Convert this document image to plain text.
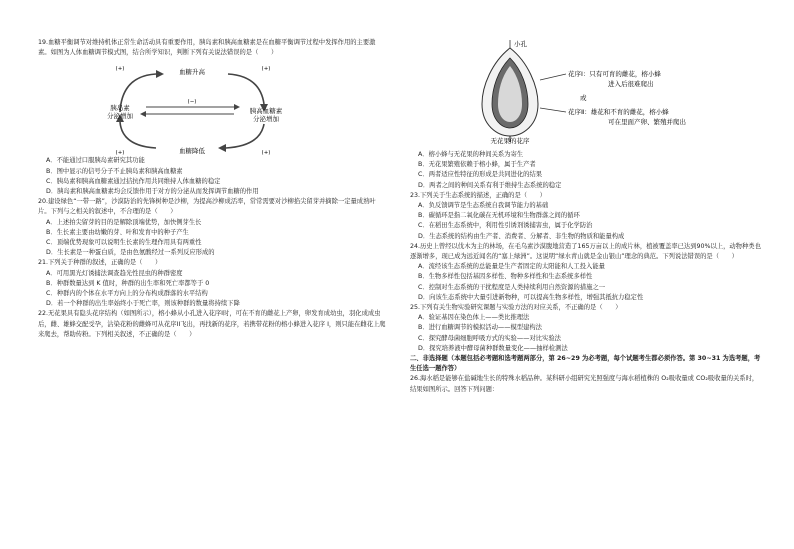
19.血糖平衡调节对维持机体正常生命活动具有重要作用，胰岛素和胰高血糖素是在血糖平衡调节过程中发挥作用的主要激素。如图为人体血糖调节模式图，结合所学知识，判断下列有关说法错误的是（　　）

血糖升高
血糖降低
胰岛素
分泌增加
胰高血糖素
分泌增加
(+)	(+)
(+)
(+)
(−)

A．不能通过口服胰岛素研究其功能

B．图中显示的信号分子不止胰岛素和胰高血糖素

C．胰岛素和胰高血糖素通过拮抗作用共同维持人体血糖的稳定

D．胰岛素和胰高血糖素均会反馈作用于对方的分泌从而发挥调节血糖的作用

20.建设绿色“一带一路”，沙漠防治的先锋树种是沙柳，为提高沙柳成活率，常常需要对沙柳掐尖留芽并摘除一定量成熟叶片。下列与之相关的叙述中，不合理的是（　　）

A．上述拍尖留芽的目的是解除顶端优势，加快侧芽生长

B．生长素主要由幼嫩的芽、叶和发育中的种子产生

C．顶端优势现象可以说明生长素的生理作用具有两重性

D．生长素是一种蛋白质，是由色氨酸经过一系列反应形成的

21.下列关于种群的叙述，正确的是（　　）

A．可用黑光灯诱捕法调查趋光性昆虫的种群密度

B．种群数量达到 K 值时，种群的出生率和死亡率都等于 0

C．种群内的个体在水平方向上的分布构成群落的水平结构

D．若一个种群的出生率始终小于死亡率，则该种群的数量将持续下降

22.无花果具有隐头花序结构（如图所示），榕小蜂从小孔进入花序I时，可在不育的雌花上产卵，卵发育成幼虫，羽化成成虫后，雌、雄蜂交配受孕，沾染花粉的雌蜂可从花序II飞出，再找新的花序，若携带花粉的榕小蜂进入花序 I，则只能在雌花上爬来爬去，帮助传粉。下列相关叙述，不正确的是（　　）

小孔
花序Ⅰ：只有可育的雌花，榕小蜂
进入后很难爬出
或
花序Ⅱ：雄花和不育的雌花，榕小蜂
可在里面产卵、繁殖并爬出
无花果的花序

A．榕小蜂与无花果的种间关系为寄生

B．无花果繁殖依赖于榕小蜂，属于生产者

C．两者适应性特征的形成是共同进化的结果

D．两者之间的种间关系有利于维持生态系统的稳定

23.下列关于生态系统的描述，正确的是（　　）

A．负反馈调节是生态系统自我调节能力的基础

B．碳循环是指二氧化碳在无机环境和生物群落之间的循环

C．在稻田生态系统中，利用性引诱剂诱捕害虫，属于化学防治

D．生态系统的结构由生产者、消费者、分解者、非生物的物质和能量构成

24.历史上曾经以伐木为主的林场，在毛乌素沙漠腹地营造了165万亩以上的成片林，植被覆盖率已达到90%以上，动物种类也逐渐增多，现已成为远近闻名的“塞上绿洲”。这说明“绿水青山就是金山银山”理念的典范。下列说法错误的是（　　）

A．流经该生态系统的总能量是生产者固定的太阳能和人工投入能量

B．生物多样性包括基因多样性、物种多样性和生态系统多样性

C．控制对生态系统的干扰程度是人类持续利用自然资源的措施之一

D．向该生态系统中大量引进新物种，可以提高生物多样性，增强其抵抗力稳定性

25.下列有关生物实验研究课题与实验方法的对应关系，不正确的是（　　）

A．验证基因在染色体上——类比推理法

B．进行血糖调节的模拟活动——模型建构法

C．探究酵母菌细胞呼吸方式的实验——对比实验法

D．探究培养液中酵母菌种群数量变化——抽样检测法

二、非选择题（本题包括必考题和选考题两部分，第 26~29 为必考题，每个试题考生都必须作答。第 30~31 为选考题，考生任选一题作答）

26.海水稻是能够在盐碱地生长的特殊水稻品种。某科研小组研究光照强度与海水稻植株的 O₂吸收量或 CO₂吸收量的关系时，结果如图所示。回答下列问题：
